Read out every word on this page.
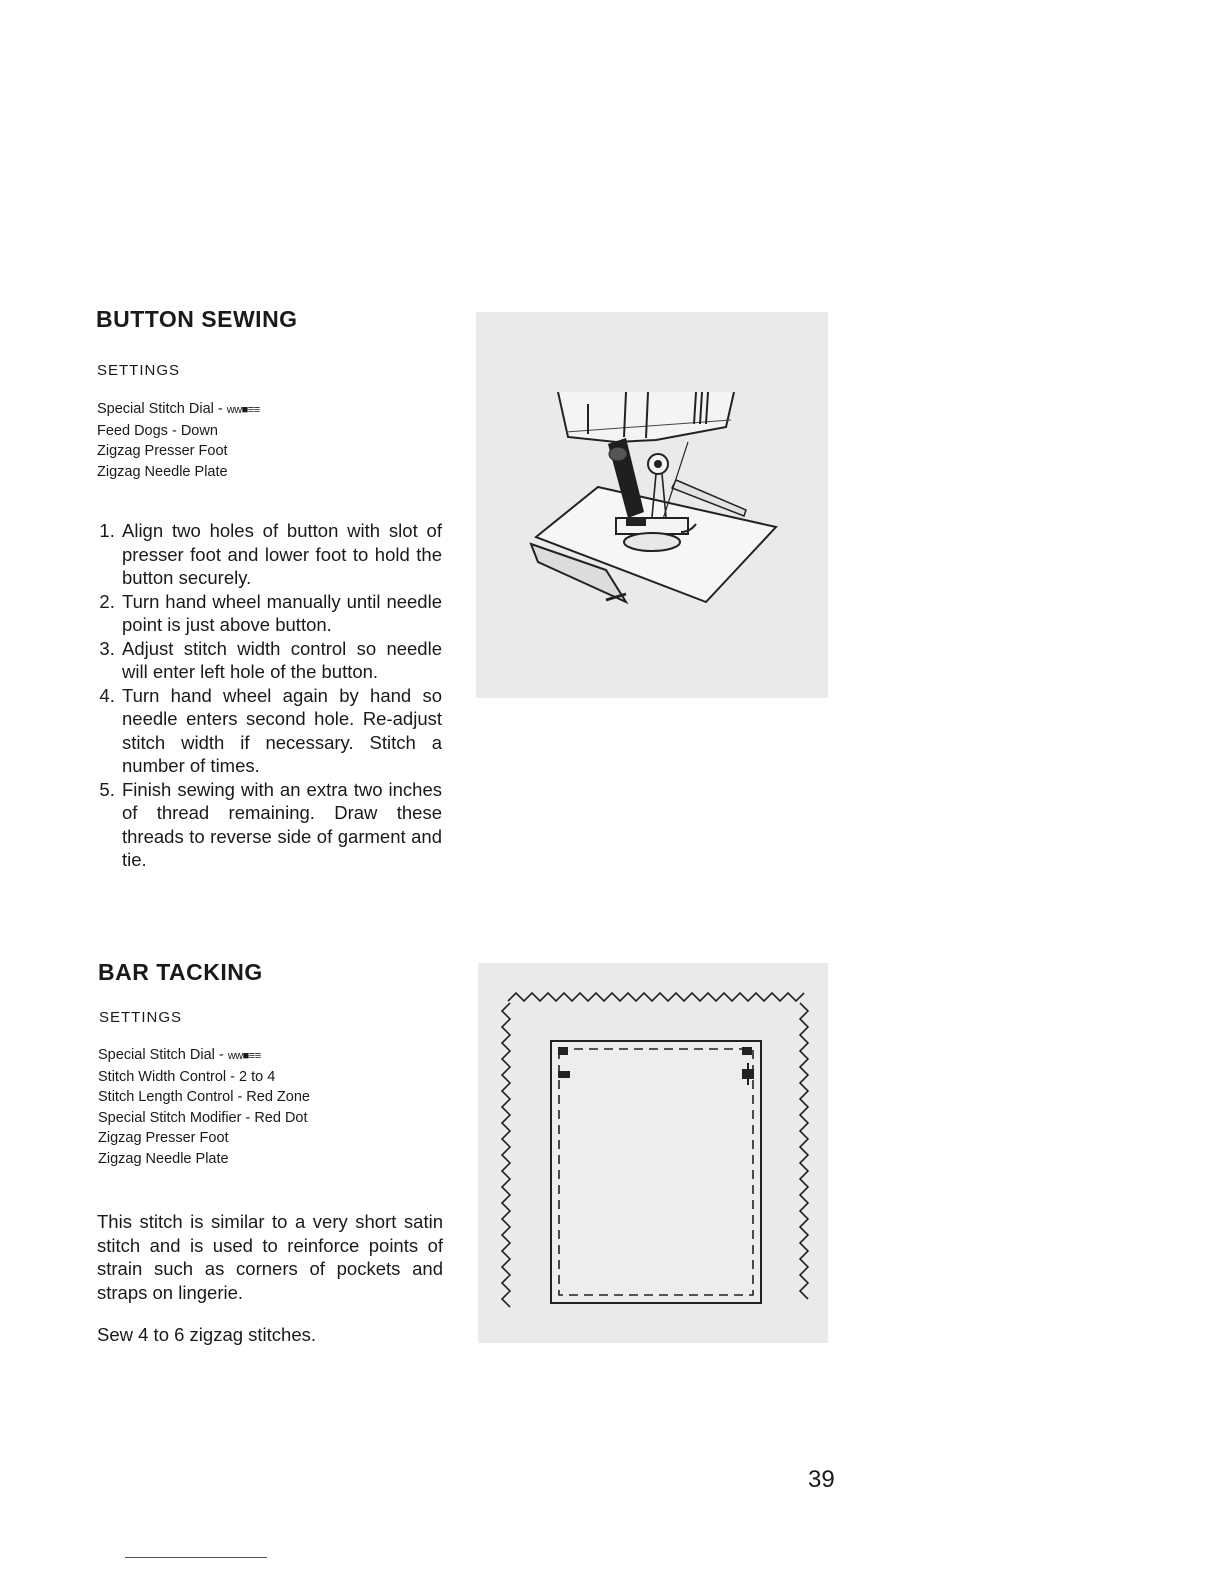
BUTTON SEWING
SETTINGS
Special Stitch Dial - ww■≡≡
Feed Dogs - Down
Zigzag Presser Foot
Zigzag Needle Plate
1. Align two holes of button with slot of presser foot and lower foot to hold the button securely.
2. Turn hand wheel manually until needle point is just above button.
3. Adjust stitch width control so needle will enter left hole of the button.
4. Turn hand wheel again by hand so needle enters second hole. Re-adjust stitch width if necessary. Stitch a number of times.
5. Finish sewing with an extra two inches of thread remaining. Draw these threads to reverse side of garment and tie.
BAR TACKING
SETTINGS
Special Stitch Dial - ww■≡≡
Stitch Width Control - 2 to 4
Stitch Length Control - Red Zone
Special Stitch Modifier - Red Dot
Zigzag Presser Foot
Zigzag Needle Plate

This stitch is similar to a very short satin stitch and is used to reinforce points of strain such as corners of pockets and straps on lingerie.

Sew 4 to 6 zigzag stitches.

39
